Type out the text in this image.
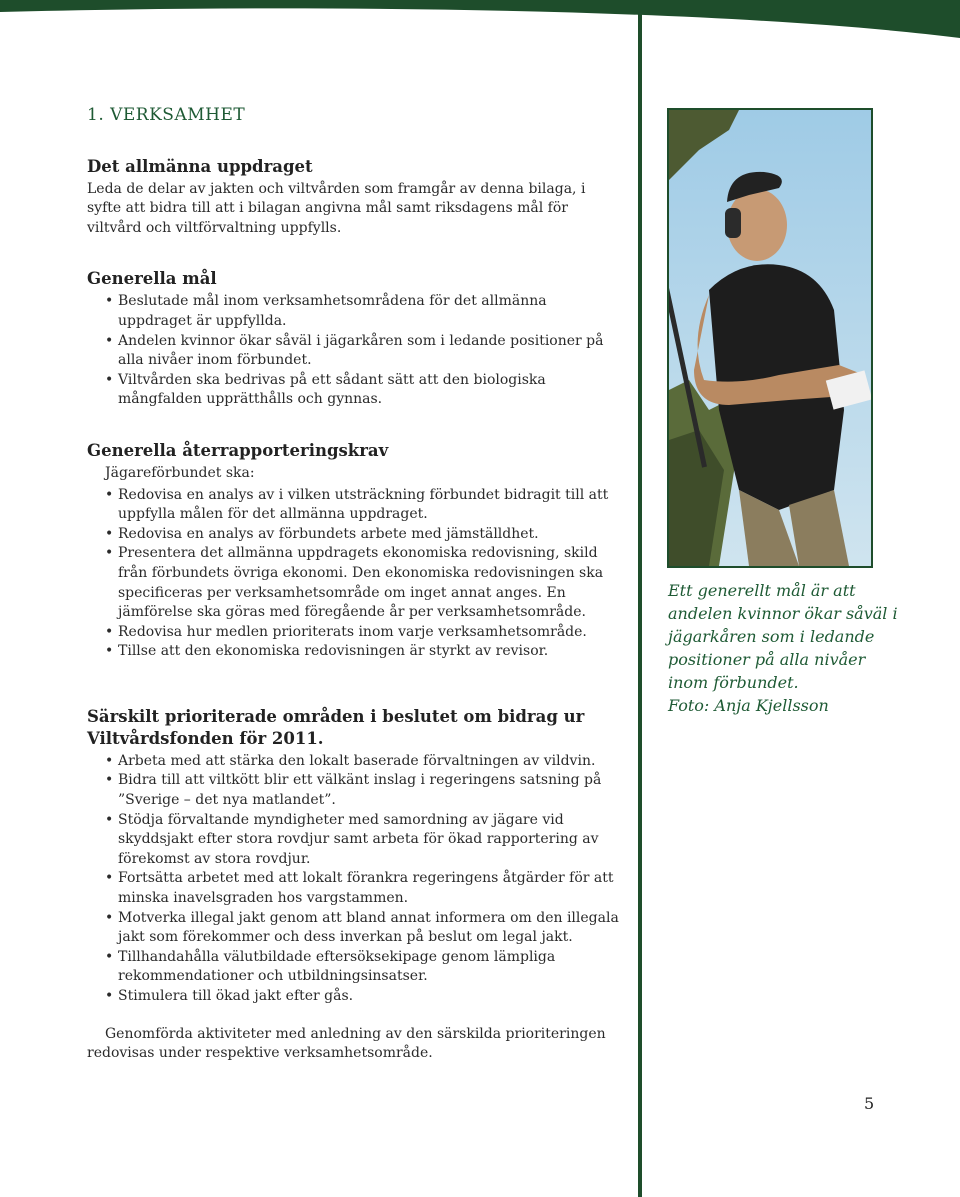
1. VERKSAMHET
Det allmänna uppdraget

Leda de delar av jakten och viltvården som framgår av denna bilaga, i syfte att bidra till att i bilagan angivna mål samt riksdagens mål för viltvård och viltförvaltning uppfylls.

Generella mål
• Beslutade mål inom verksamhetsområdena för det allmänna uppdraget är uppfyllda.
• Andelen kvinnor ökar såväl i jägarkåren som i ledande positioner på alla nivåer inom förbundet.
• Viltvården ska bedrivas på ett sådant sätt att den biologiska mångfalden upprätthålls och gynnas.
Generella återrapporteringskrav

Jägareförbundet ska:

• Redovisa en analys av i vilken utsträckning förbundet bidragit till att uppfylla målen för det allmänna uppdraget.
• Redovisa en analys av förbundets arbete med jämställdhet.
• Presentera det allmänna uppdragets ekonomiska redovisning, skild från förbundets övriga ekonomi. Den ekonomiska redovisningen ska specificeras per verksamhetsområde om inget annat anges. En jämförelse ska göras med föregående år per verksamhetsområde.
• Redovisa hur medlen prioriterats inom varje verksamhetsområde.
• Tillse att den ekonomiska redovisningen är styrkt av revisor.
Särskilt prioriterade områden i beslutet om bidrag ur Viltvårdsfonden för 2011.
• Arbeta med att stärka den lokalt baserade förvaltningen av vildvin.
• Bidra till att viltkött blir ett välkänt inslag i regeringens satsning på ”Sverige – det nya matlandet”.
• Stödja förvaltande myndigheter med samordning av jägare vid skyddsjakt efter stora rovdjur samt arbeta för ökad rapportering av förekomst av stora rovdjur.
• Fortsätta arbetet med att lokalt förankra regeringens åtgärder för att minska inavelsgraden hos vargstammen.
• Motverka illegal jakt genom att bland annat informera om den illegala jakt som förekommer och dess inverkan på beslut om legal jakt.
• Tillhandahålla välutbildade eftersöksekipage genom lämpliga rekommendationer och utbildningsinsatser.
• Stimulera till ökad jakt efter gås.

Genomförda aktiviteter med anledning av den särskilda prioriteringen redovisas under respektive verksamhetsområde.

Ett generellt mål är att andelen kvinnor ökar såväl i jägarkåren som i ledande positioner på alla nivåer inom förbundet.
Foto: Anja Kjellsson
5
